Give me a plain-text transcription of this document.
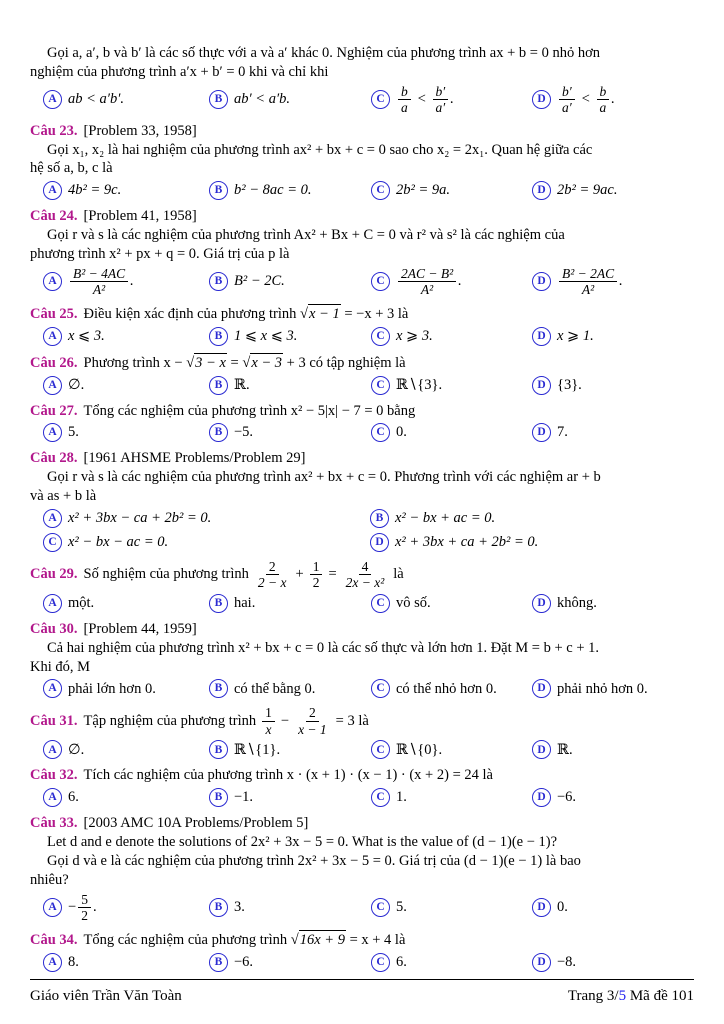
Gọi a, a′, b và b′ là các số thực với a và a′ khác 0. Nghiệm của phương trình ax + b = 0 nhỏ hơn
nghiệm của phương trình a′x + b′ = 0 khi và chỉ khi
A ab < a′b′.	B ab′ < a′b.	C $\frac{b}{a} < \frac{b'}{a'}$ .	D $\frac{b'}{a'} < \frac{b}{a}$ .
Câu 23. [Problem 33, 1958]
Gọi x₁, x₂ là hai nghiệm của phương trình ax² + bx + c = 0 sao cho x₂ = 2x₁. Quan hệ giữa các
hệ số a, b, c là
A 4b² = 9c.	B b² − 8ac = 0.	C 2b² = 9a.	D 2b² = 9ac.
Câu 24. [Problem 41, 1958]
Gọi r và s là các nghiệm của phương trình Ax² + Bx + C = 0 và r² và s² là các nghiệm của
phương trình x² + px + q = 0. Giá trị của p là
A $\frac{\text{B² − 4AC}}{\text{A²}}$ .	B B² − 2C.	C $\frac{\text{2AC − B²}}{\text{A²}}$ .	D $\frac{\text{B² − 2AC}}{\text{A²}}$ .
Câu 25. Điều kiện xác định của phương trình √x − 1 = −x + 3 là
A x ⩽ 3.	B 1 ⩽ x ⩽ 3.	C x ⩾ 3.	D x ⩾ 1.
Câu 26. Phương trình x − √3 − x = √x − 3 + 3 có tập nghiệm là
A ∅.	B ℝ.	C ℝ∖{3}.	D {3}.
Câu 27. Tổng các nghiệm của phương trình x² − 5|x| − 7 = 0 bằng
A 5.	B −5.	C 0.	D 7.
Câu 28. [1961 AHSME Problems/Problem 29]
Gọi r và s là các nghiệm của phương trình ax² + bx + c = 0. Phương trình với các nghiệm ar + b
và as + b là
A x² + 3bx − ca + 2b² = 0.	B x² − bx + ac = 0.
C x² − bx − ac = 0.	D x² + 3bx + ca + 2b² = 0.
Câu 29. Số nghiệm của phương trình $\frac{2}{2 - x} + \frac{1}{2} = \frac{4}{\text{2x − x²}}$ là
A một.	B hai.	C vô số.	D không.
Câu 30. [Problem 44, 1959]
Cả hai nghiệm của phương trình x² + bx + c = 0 là các số thực và lớn hơn 1. Đặt M = b + c + 1.
Khi đó, M
A phải lớn hơn 0.	B có thể bằng 0.	C có thể nhỏ hơn 0.	D phải nhỏ hơn 0.
Câu 31. Tập nghiệm của phương trình $\frac{1}{x} - \frac{2}{x - 1} = 3$ là
A ∅.	B ℝ∖{1}.	C ℝ∖{0}.	D ℝ.
Câu 32. Tích các nghiệm của phương trình x · (x + 1) · (x − 1) · (x + 2) = 24 là
A 6.	B −1.	C 1.	D −6.
Câu 33. [2003 AMC 10A Problems/Problem 5]
Let d and e denote the solutions of 2x² + 3x − 5 = 0. What is the value of (d − 1)(e − 1)?
Gọi d và e là các nghiệm của phương trình 2x² + 3x − 5 = 0. Giá trị của (d − 1)(e − 1) là bao
nhiêu?
$A - \frac{5}{2}$ .	B 3.	C 5.	D 0.
Câu 34. Tổng các nghiệm của phương trình √16x + 9 = x + 4 là
A 8.	B −6.	C 6.	D −8.
Giáo viên Trần Văn Toàn	Trang 3/5 Mã đề 101
